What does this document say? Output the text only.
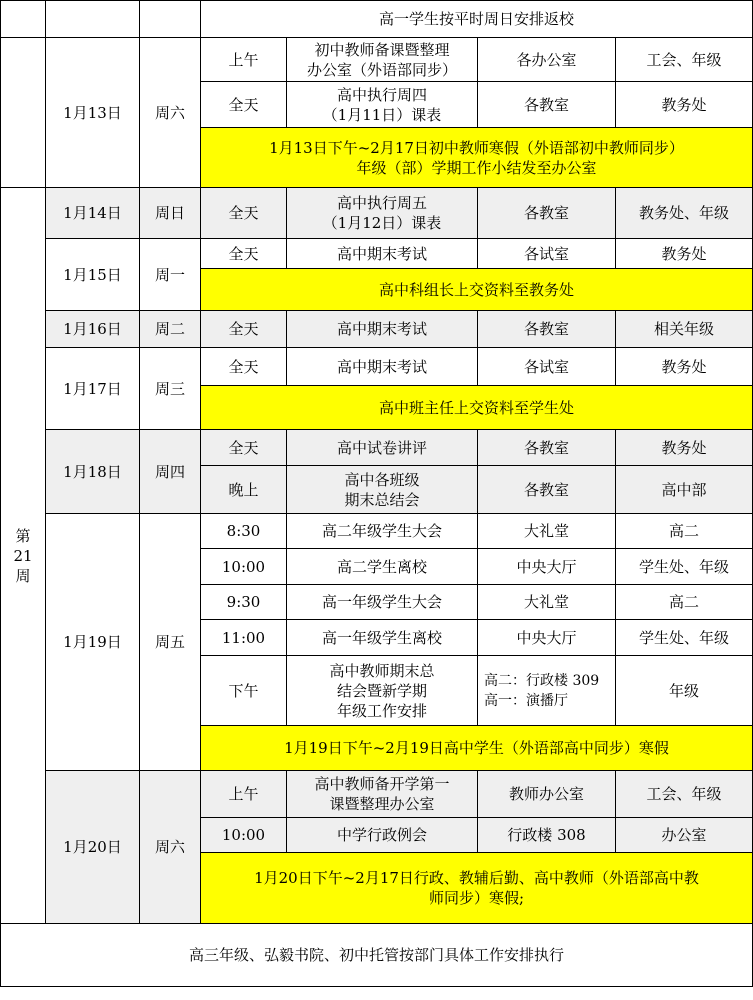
			高一学生按平时周日安排返校			
	1月13日	周六	上午	初中教师备课暨整理
办公室（外语部同步）	各办公室	工会、年级
			全天	高中执行周四
（1月11日）课表	各教室	教务处

			1月13日下午~2月17日初中教师寒假（外语部初中教师同步）
年级（部）学期工作小结发至办公室			

第
21
周	1月14日	周日	全天	高中执行周五
（1月12日）课表	各教室	教务处、年级
	1月15日	周一	全天	高中期末考试	各试室	教务处
			高中科组长上交资料至教务处			
	1月16日	周二	全天	高中期末考试	各教室	相关年级
	1月17日	周三	全天	高中期末考试	各试室	教务处
			高中班主任上交资料至学生处			
	1月18日	周四	全天	高中试卷讲评	各教室	教务处
			晚上	高中各班级
期末总结会	各教室	高中部
	1月19日	周五	8:30	高二年级学生大会	大礼堂	高二
			10:00	高二学生离校	中央大厅	学生处、年级
			9:30	高一年级学生大会	大礼堂	高二
			11:00	高一年级学生离校	中央大厅	学生处、年级
			下午	高中教师期末总
结会暨新学期
年级工作安排	高二：行政楼 309
高一：演播厅	年级
			1月19日下午~2月19日高中学生（外语部高中同步）寒假			
	1月20日	周六	上午	高中教师备开学第一
课暨整理办公室	教师办公室	工会、年级
			10:00	中学行政例会	行政楼 308	办公室

			1月20日下午~2月17日行政、教辅后勤、高中教师（外语部高中教
师同步）寒假;			

高三年级、弘毅书院、初中托管按部门具体工作安排执行						
